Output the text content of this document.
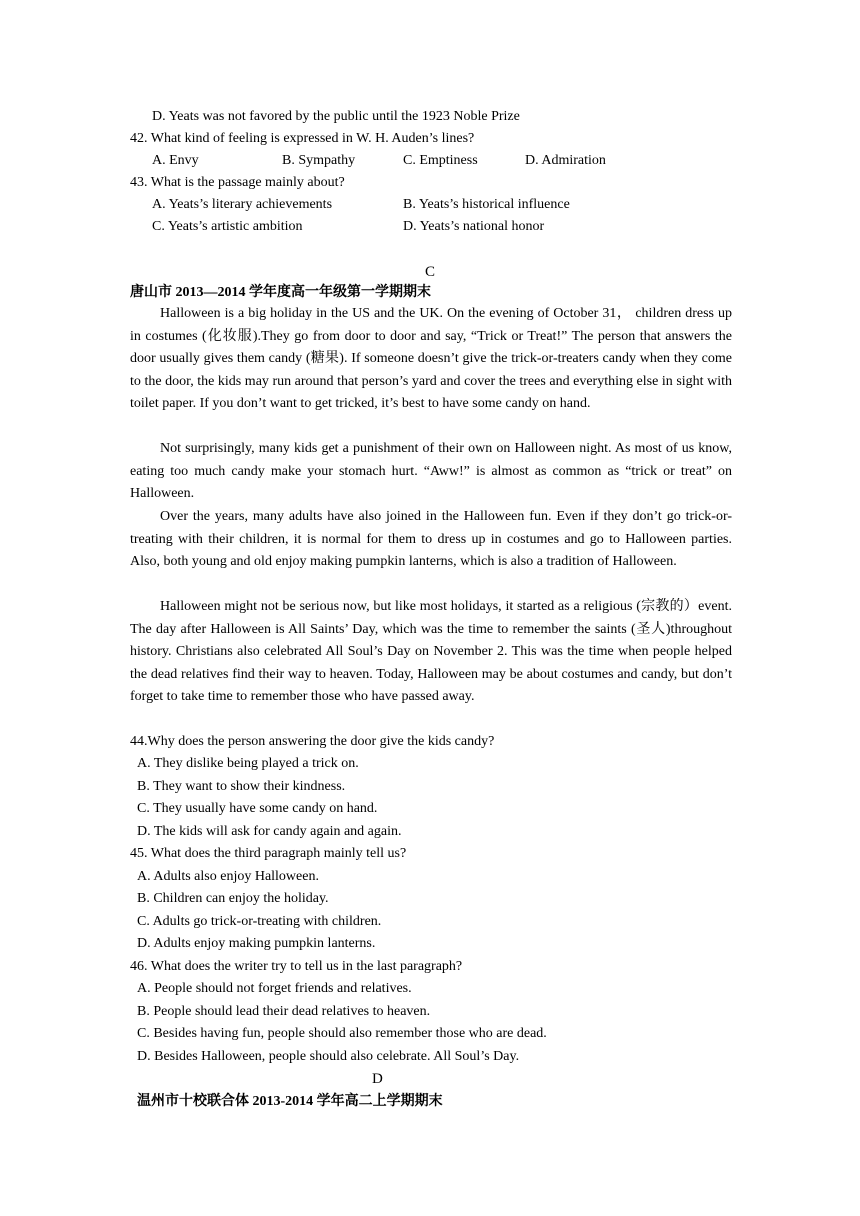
D. Yeats was not favored by the public until the 1923 Noble Prize
42. What kind of feeling is expressed in W. H. Auden’s lines?
A. Envy	B. Sympathy	C. Emptiness	D. Admiration
43. What is the passage mainly about?
A. Yeats’s literary achievements	B. Yeats’s historical influence
C. Yeats’s artistic ambition	D. Yeats’s national honor
C
唐山市 2013—2014 学年度高一年级第一学期期末

Halloween is a big holiday in the US and the UK. On the evening of October 31， children dress up in costumes (化妆服).They go from door to door and say, “Trick or Treat!” The person that answers the door usually gives them candy (糖果). If someone doesn’t give the trick-or-treaters candy when they come to the door, the kids may run around that person’s yard and cover the trees and everything else in sight with toilet paper. If you don’t want to get tricked, it’s best to have some candy on hand.

Not surprisingly, many kids get a punishment of their own on Halloween night. As most of us know, eating too much candy make your stomach hurt. “Aww!” is almost as common as “trick or treat” on Halloween.

Over the years, many adults have also joined in the Halloween fun. Even if they don’t go trick-or-treating with their children, it is normal for them to dress up in costumes and go to Halloween parties. Also, both young and old enjoy making pumpkin lanterns, which is also a tradition of Halloween.

Halloween might not be serious now, but like most holidays, it started as a religious (宗教的）event. The day after Halloween is All Saints’ Day, which was the time to remember the saints (圣人)throughout history. Christians also celebrated All Soul’s Day on November 2. This was the time when people helped the dead relatives find their way to heaven. Today, Halloween may be about costumes and candy, but don’t forget to take time to remember those who have passed away.

44.Why does the person answering the door give the kids candy?
A. They dislike being played a trick on.
B. They want to show their kindness.
C. They usually have some candy on hand.
D. The kids will ask for candy again and again.
45. What does the third paragraph mainly tell us?
A. Adults also enjoy Halloween.
B. Children can enjoy the holiday.
C. Adults go trick-or-treating with children.
D. Adults enjoy making pumpkin lanterns.
46. What does the writer try to tell us in the last paragraph?
A. People should not forget friends and relatives.
B. People should lead their dead relatives to heaven.
C. Besides having fun, people should also remember those who are dead.
D. Besides Halloween, people should also celebrate. All Soul’s Day.
D
温州市十校联合体 2013-2014 学年高二上学期期末
